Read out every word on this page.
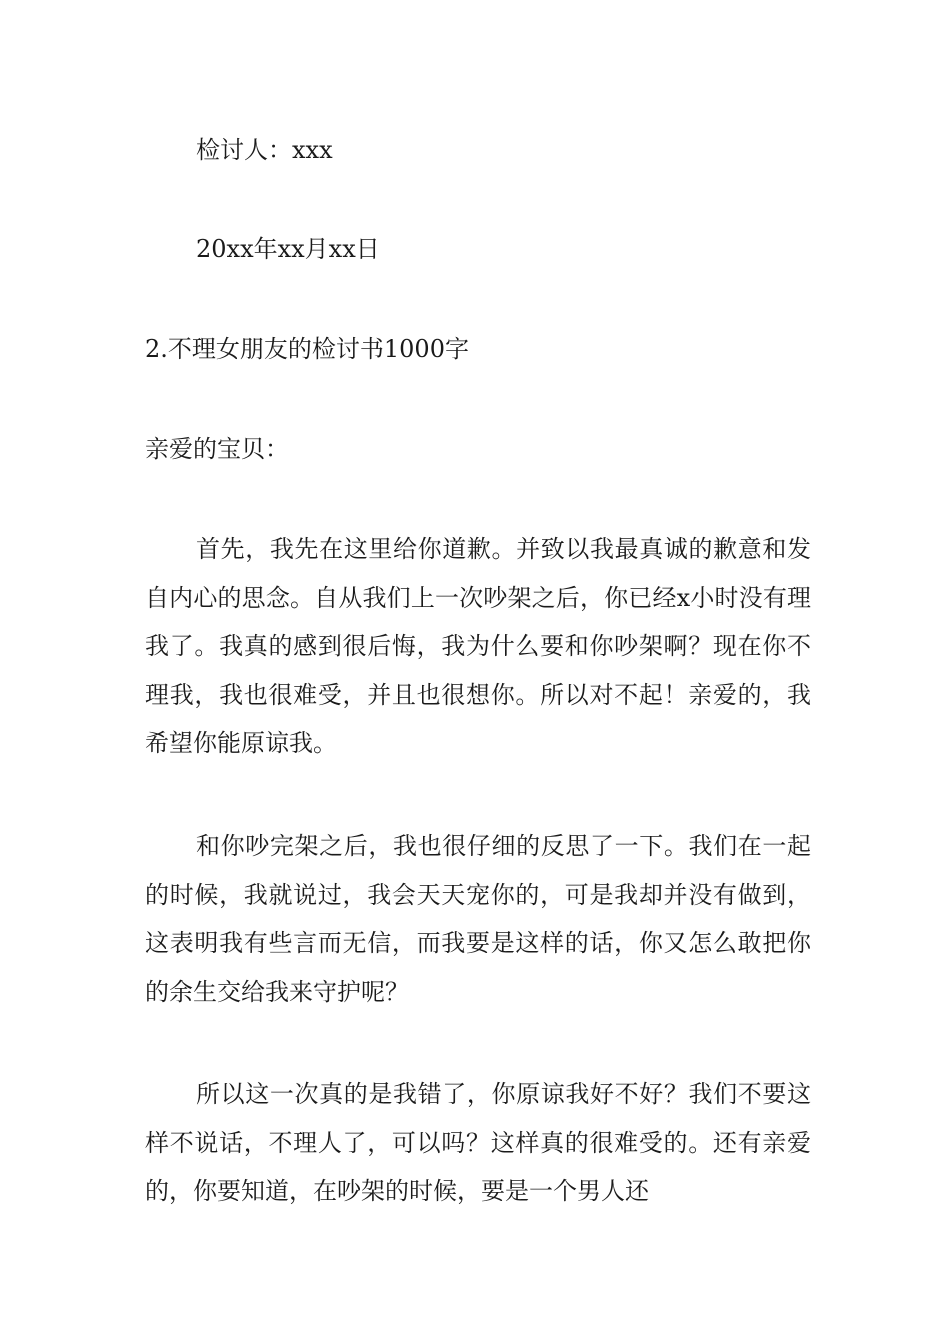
检讨人：xxx

20xx年xx月xx日

2.不理女朋友的检讨书1000字

亲爱的宝贝：

首先，我先在这里给你道歉。并致以我最真诚的歉意和发自内心的思念。自从我们上一次吵架之后，你已经x小时没有理我了。我真的感到很后悔，我为什么要和你吵架啊？现在你不理我，我也很难受，并且也很想你。所以对不起！亲爱的，我希望你能原谅我。

和你吵完架之后，我也很仔细的反思了一下。我们在一起的时候，我就说过，我会天天宠你的，可是我却并没有做到，这表明我有些言而无信，而我要是这样的话，你又怎么敢把你的余生交给我来守护呢？

所以这一次真的是我错了，你原谅我好不好？我们不要这样不说话，不理人了，可以吗？这样真的很难受的。还有亲爱的，你要知道，在吵架的时候，要是一个男人还
